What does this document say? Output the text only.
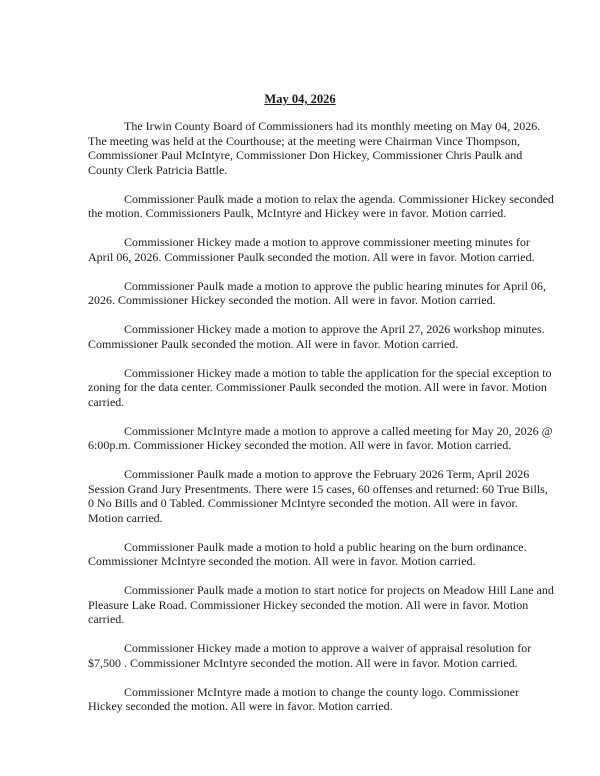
May 04, 2026

The Irwin County Board of Commissioners had its monthly meeting on May 04, 2026. The meeting was held at the Courthouse; at the meeting were Chairman Vince Thompson, Commissioner Paul McIntyre, Commissioner Don Hickey, Commissioner Chris Paulk and County Clerk Patricia Battle.

Commissioner Paulk made a motion to relax the agenda. Commissioner Hickey seconded the motion. Commissioners Paulk, McIntyre and Hickey were in favor. Motion carried.

Commissioner Hickey made a motion to approve commissioner meeting minutes for April 06, 2026. Commissioner Paulk seconded the motion. All were in favor. Motion carried.

Commissioner Paulk made a motion to approve the public hearing minutes for April 06, 2026. Commissioner Hickey seconded the motion. All were in favor. Motion carried.

Commissioner Hickey made a motion to approve the April 27, 2026 workshop minutes. Commissioner Paulk seconded the motion. All were in favor. Motion carried.

Commissioner Hickey made a motion to table the application for the special exception to zoning for the data center. Commissioner Paulk seconded the motion. All were in favor. Motion carried.

Commissioner McIntyre made a motion to approve a called meeting for May 20, 2026 @ 6:00p.m. Commissioner Hickey seconded the motion. All were in favor. Motion carried.

Commissioner Paulk made a motion to approve the February 2026 Term, April 2026 Session Grand Jury Presentments. There were 15 cases, 60 offenses and returned: 60 True Bills, 0 No Bills and 0 Tabled. Commissioner McIntyre seconded the motion. All were in favor. Motion carried.

Commissioner Paulk made a motion to hold a public hearing on the burn ordinance. Commissioner McIntyre seconded the motion. All were in favor. Motion carried.

Commissioner Paulk made a motion to start notice for projects on Meadow Hill Lane and Pleasure Lake Road. Commissioner Hickey seconded the motion. All were in favor. Motion carried.

Commissioner Hickey made a motion to approve a waiver of appraisal resolution for $7,500 . Commissioner McIntyre seconded the motion. All were in favor. Motion carried.

Commissioner McIntyre made a motion to change the county logo. Commissioner Hickey seconded the motion. All were in favor. Motion carried.
